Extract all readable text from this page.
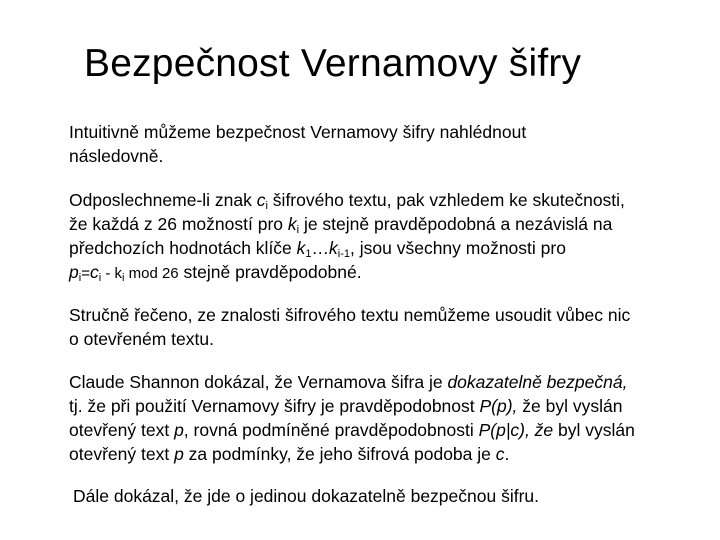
Bezpečnost Vernamovy šifry
Intuitivně můžeme bezpečnost Vernamovy šifry nahlédnout
následovně.
Odposlechneme-li znak $c_i$ šifrového textu, pak vzhledem ke skutečnosti,
že každá z 26 možností pro $k_i$ je stejně pravděpodobná a nezávislá na
předchozích hodnotách klíče $k_1\dots k_{i-1}$, jsou všechny možnosti pro
$p_i=c_i - k_i$ mod 26 stejně pravděpodobné.
Stručně řečeno, ze znalosti šifrového textu nemůžeme usoudit vůbec nic
o otevřeném textu.
Claude Shannon dokázal, že Vernamova šifra je dokazatelně bezpečná,
tj. že při použití Vernamovy šifry je pravděpodobnost P(p), že byl vyslán
otevřený text p, rovná podmíněné pravděpodobnosti P(p|c), že byl vyslán
otevřený text p za podmínky, že jeho šifrová podoba je c.
Dále dokázal, že jde o jedinou dokazatelně bezpečnou šifru.
